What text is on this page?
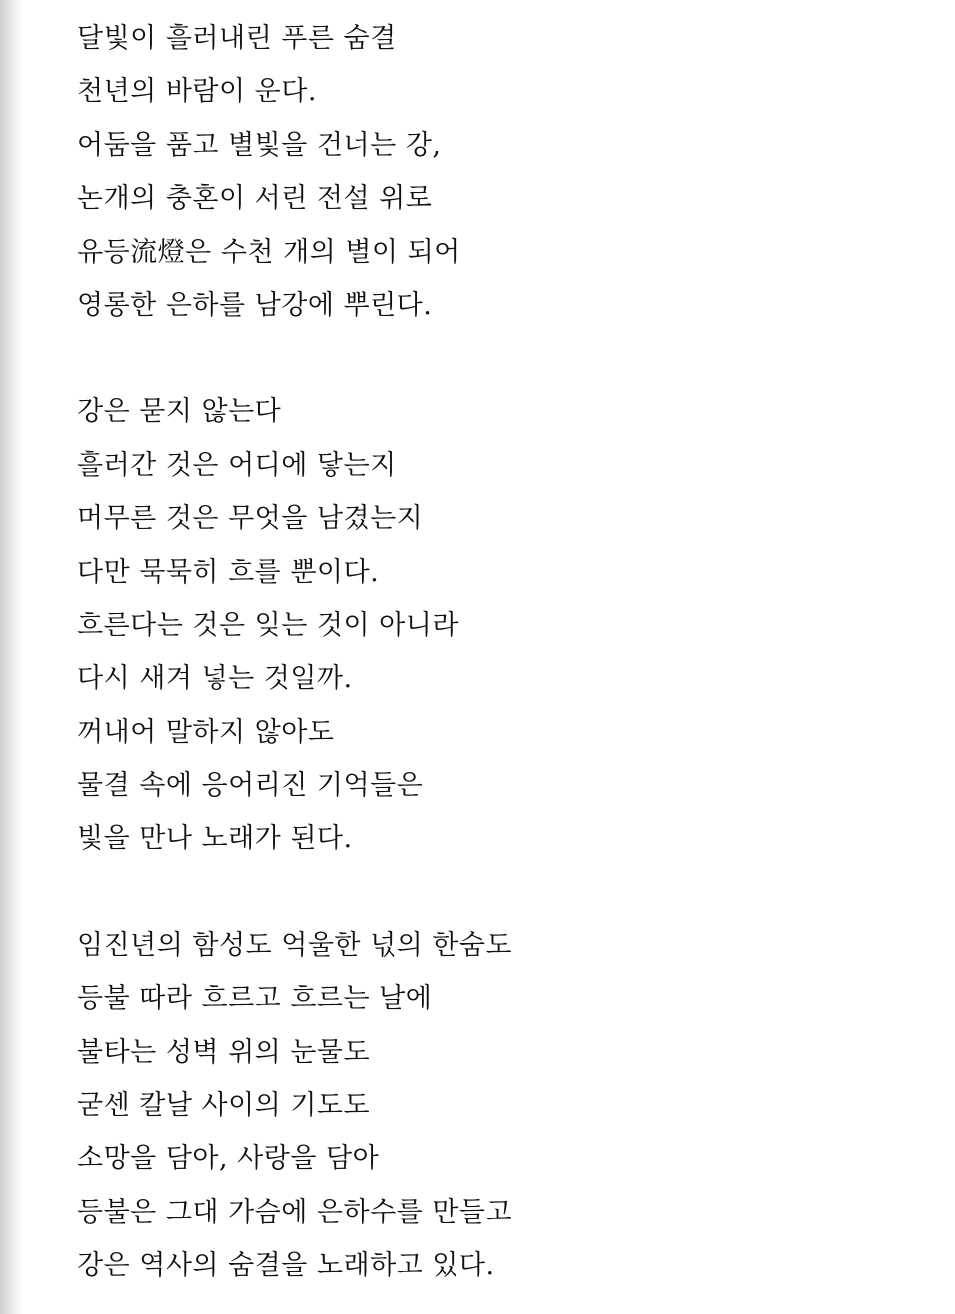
달빛이 흘러내린 푸른 숨결
천년의 바람이 운다.
어둠을 품고 별빛을 건너는 강,
논개의 충혼이 서린 전설 위로
유등流燈은 수천 개의 별이 되어
영롱한 은하를 남강에 뿌린다.
강은 묻지 않는다
흘러간 것은 어디에 닿는지
머무른 것은 무엇을 남겼는지
다만 묵묵히 흐를 뿐이다.
흐른다는 것은 잊는 것이 아니라
다시 새겨 넣는 것일까.
꺼내어 말하지 않아도
물결 속에 응어리진 기억들은
빛을 만나 노래가 된다.
임진년의 함성도 억울한 넋의 한숨도
등불 따라 흐르고 흐르는 날에
불타는 성벽 위의 눈물도
굳센 칼날 사이의 기도도
소망을 담아, 사랑을 담아
등불은 그대 가슴에 은하수를 만들고
강은 역사의 숨결을 노래하고 있다.
